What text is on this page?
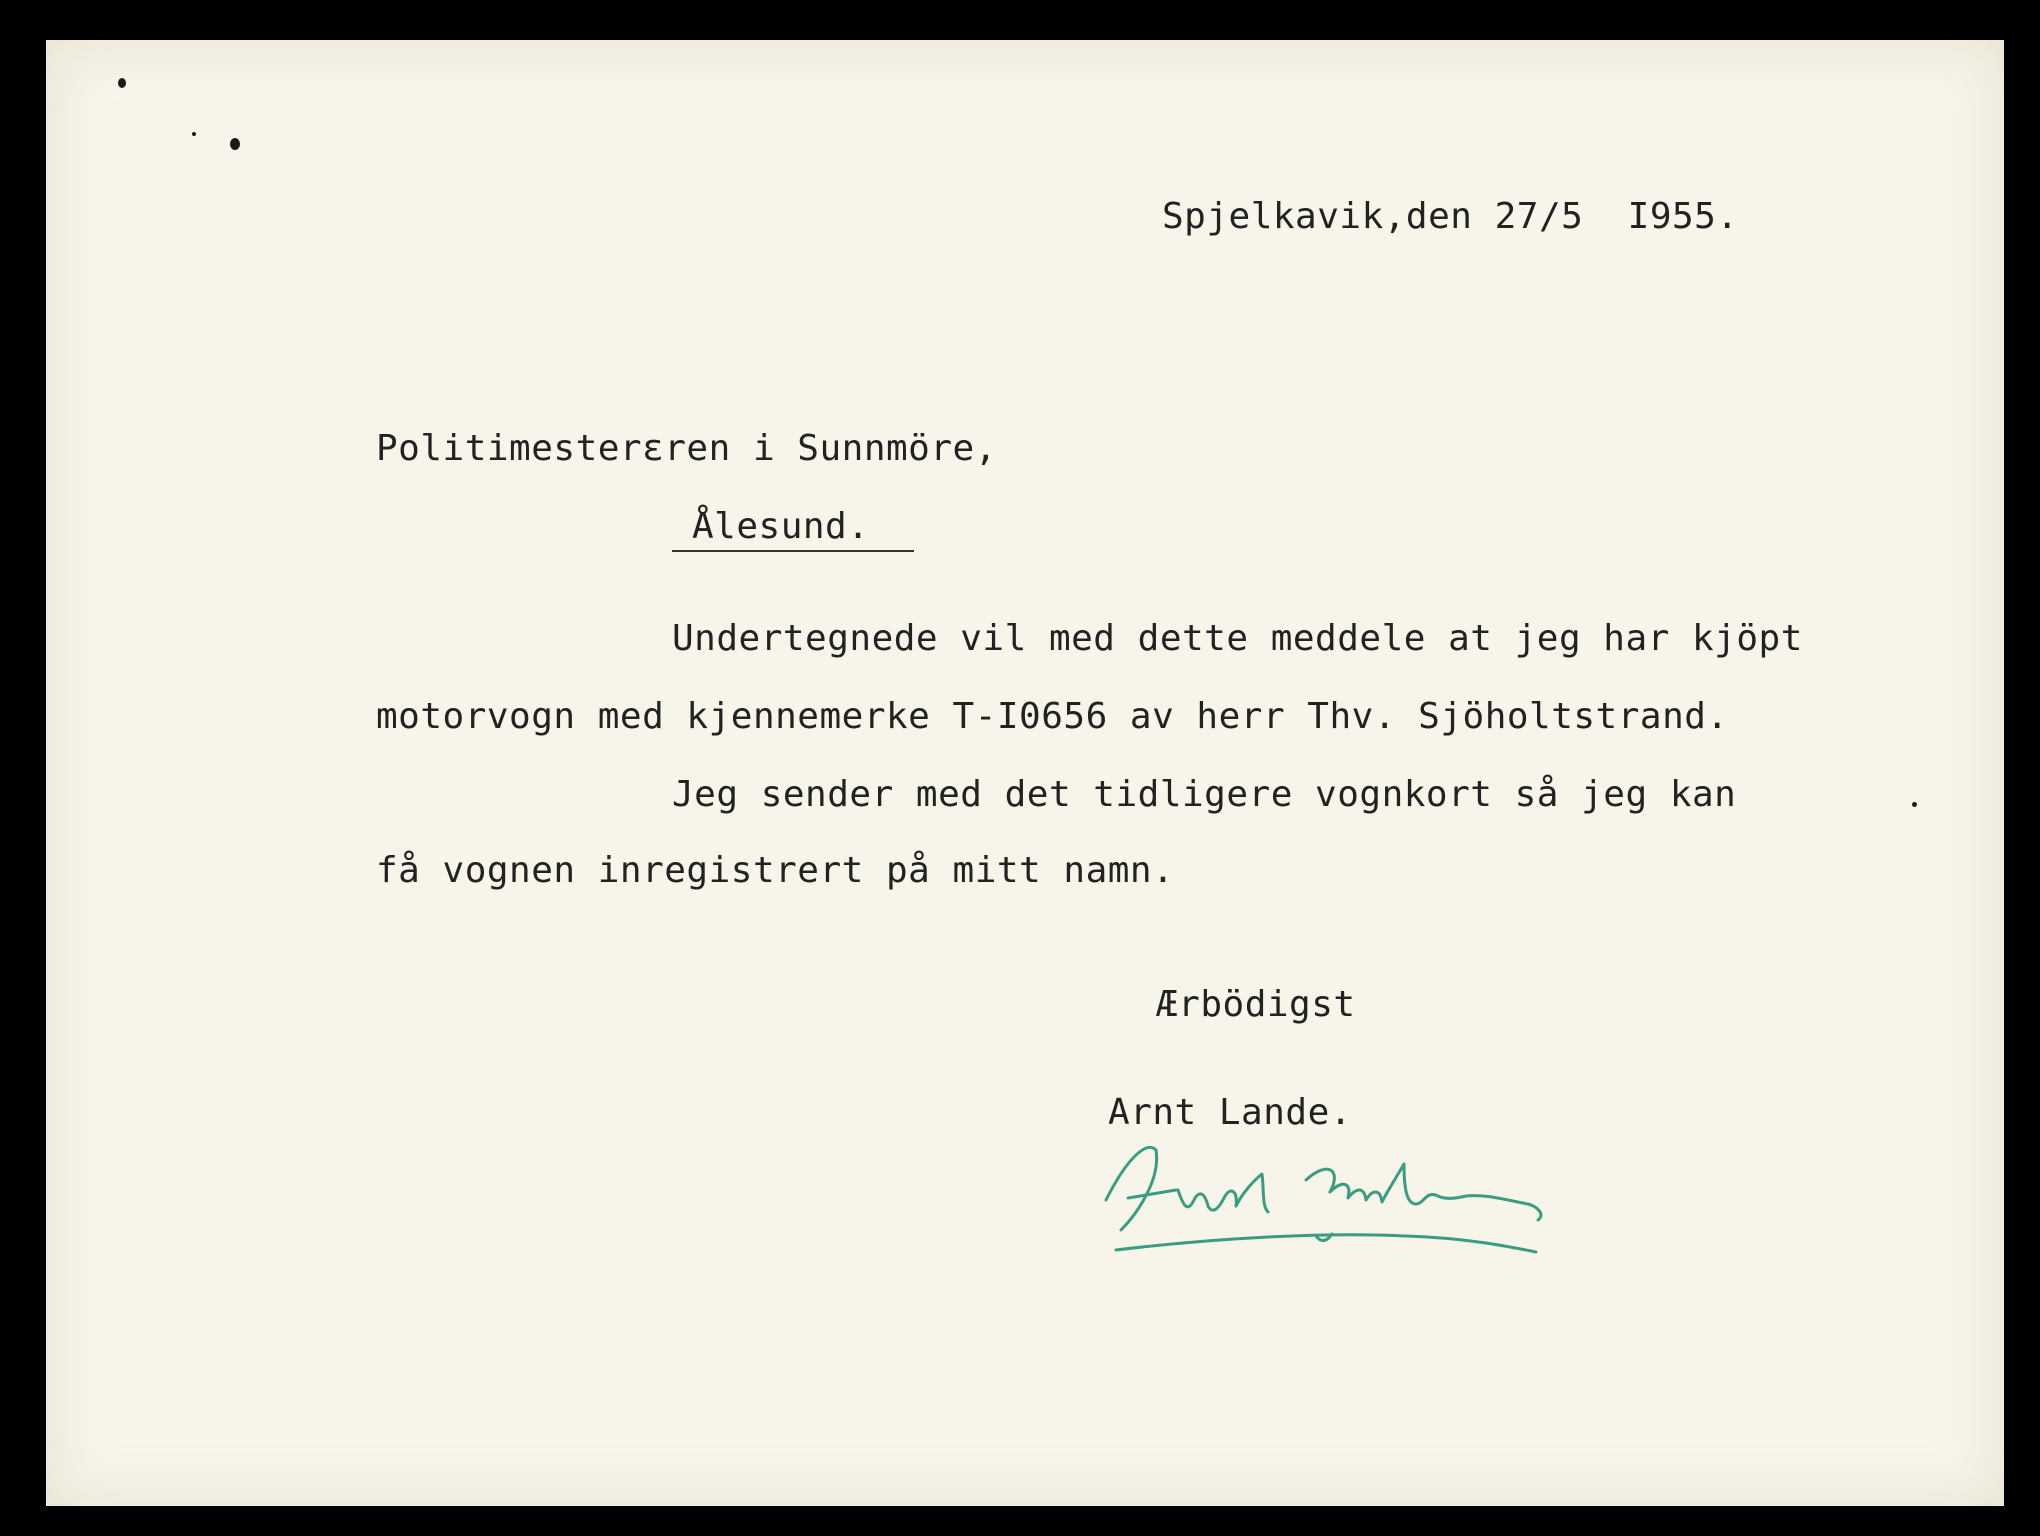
Spjelkavik,den 27/5  I955.
Politimesterεren i Sunnmöre,
Ålesund.
Undertegnede vil med dette meddele at jeg har kjöpt
motorvogn med kjennemerke T-I0656 av herr Thv. Sjöholtstrand.
Jeg sender med det tidligere vognkort så jeg kan
få vognen inregistrert på mitt namn.
Ærbödigst
Arnt Lande.
